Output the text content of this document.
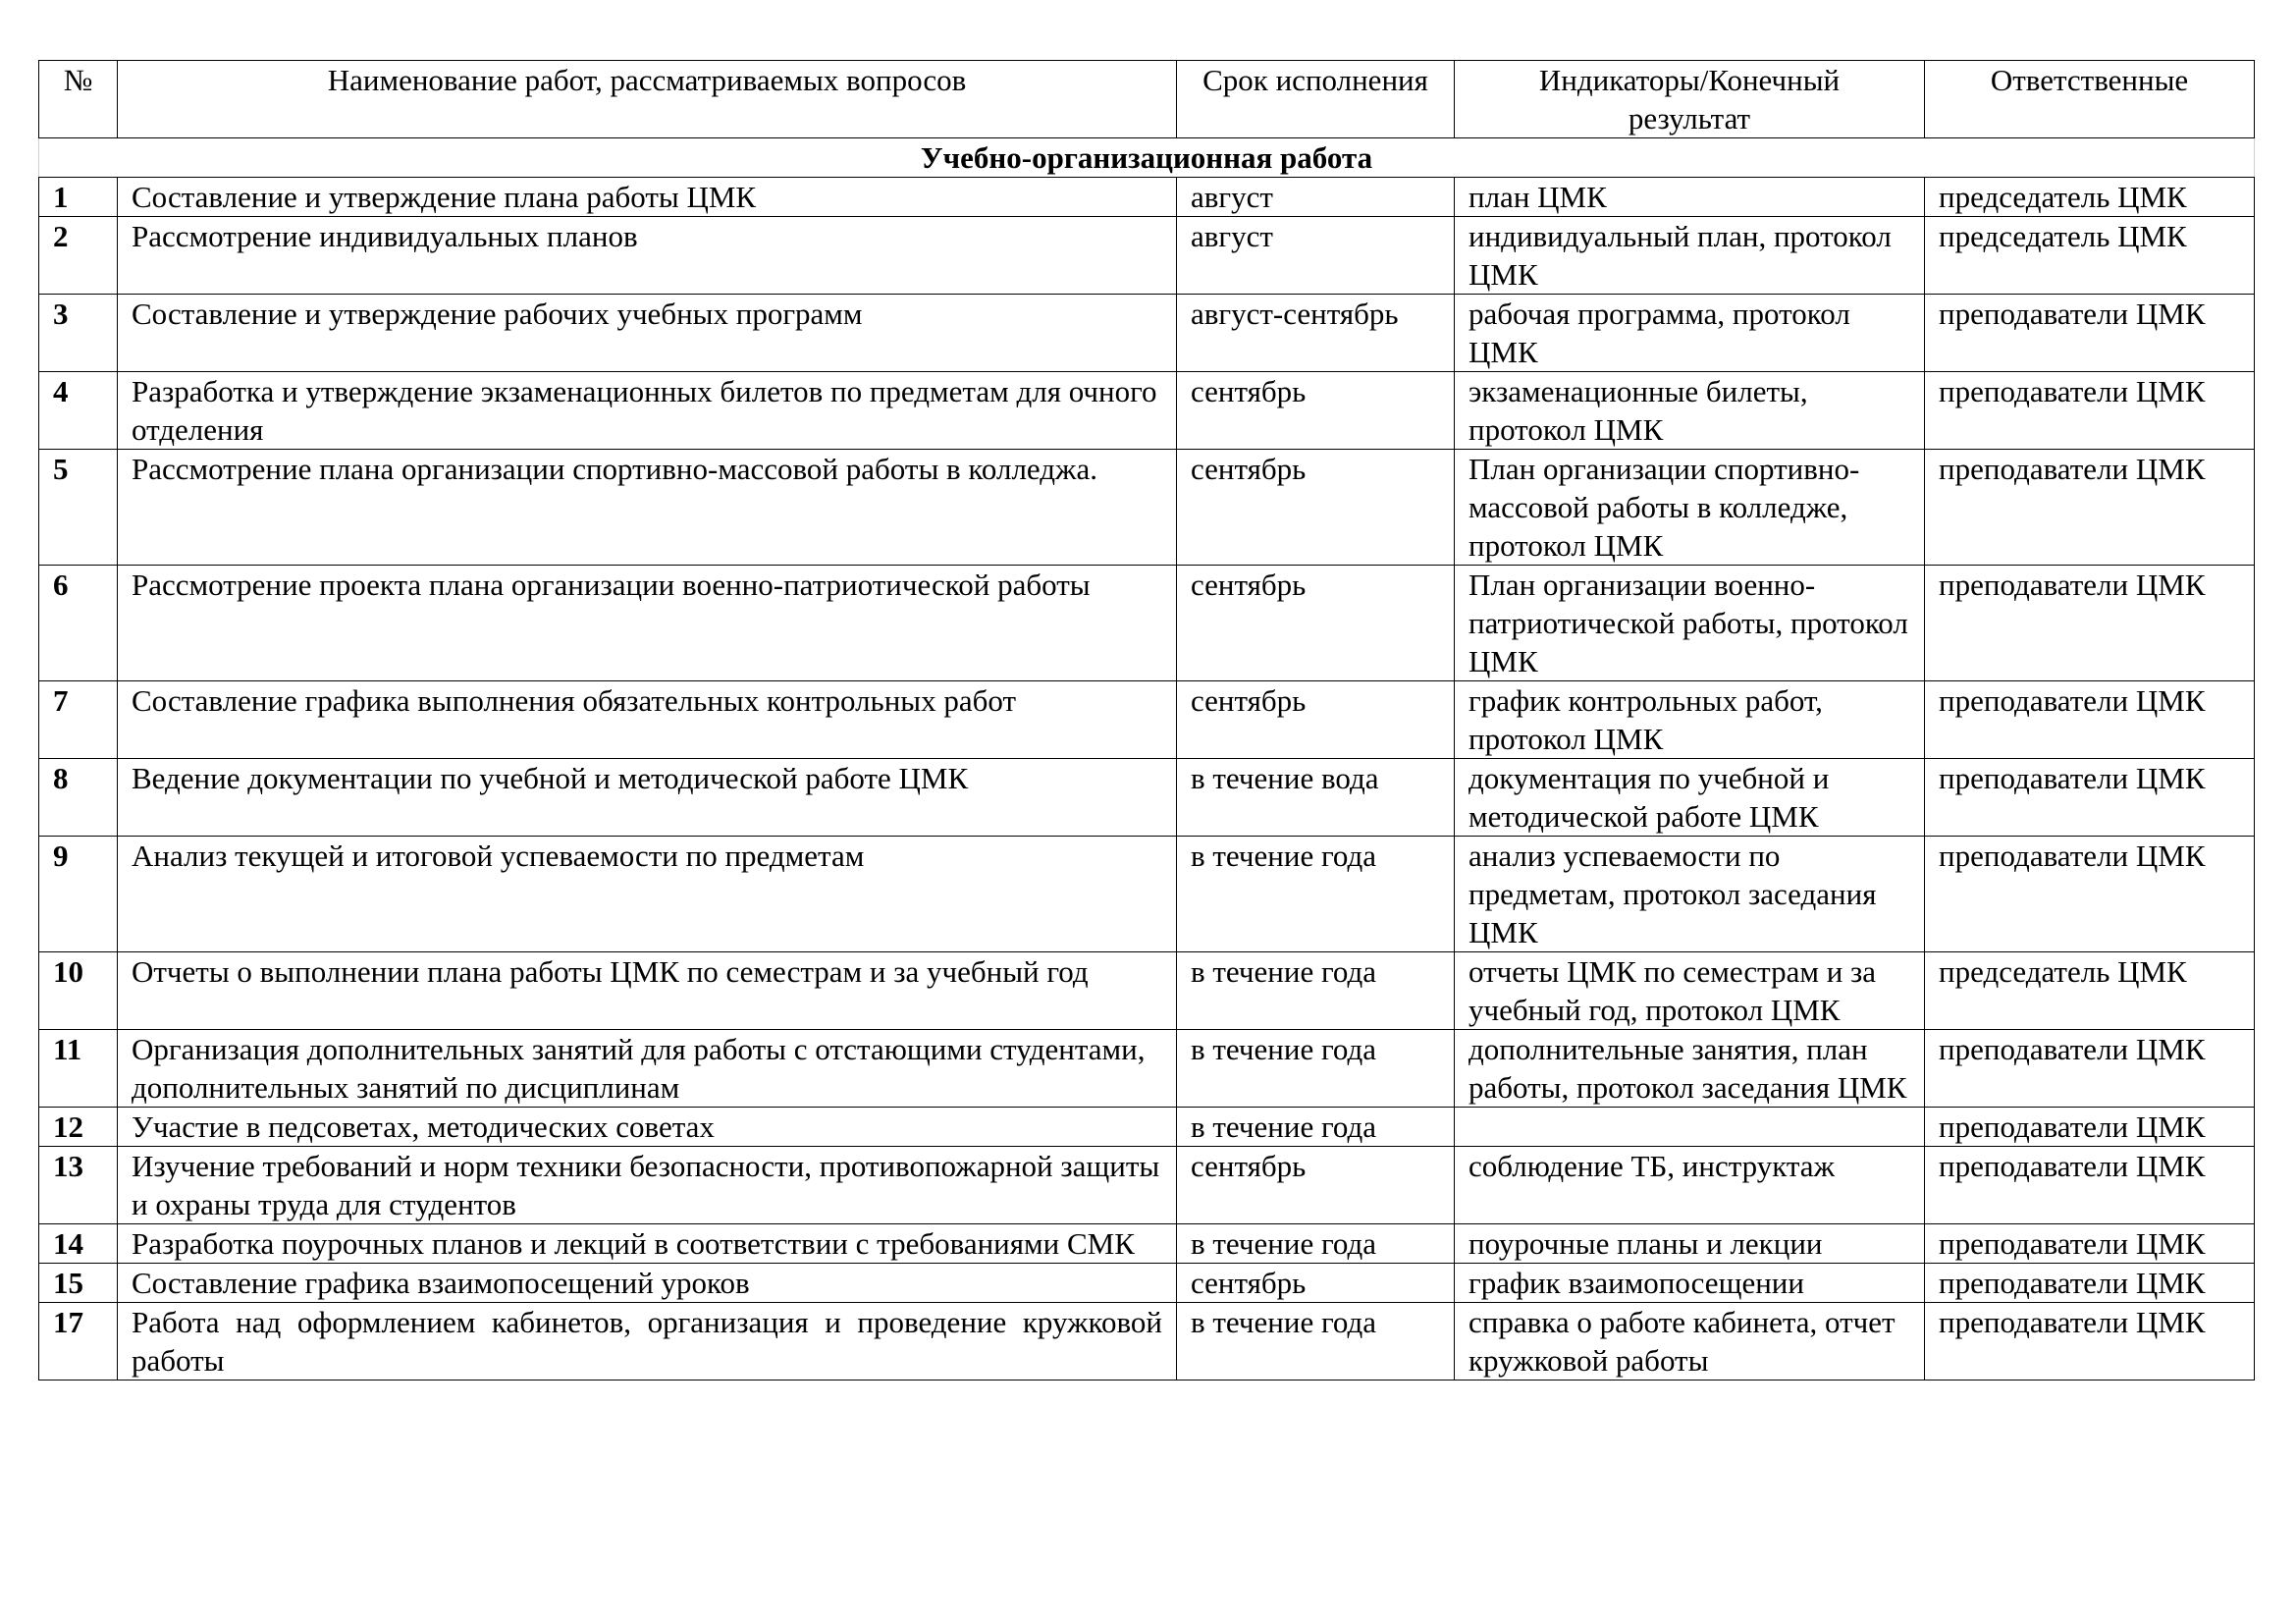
№	Наименование работ, рассматриваемых вопросов	Срок исполнения	Индикаторы/Конечный результат	Ответственные
Учебно-организационная работа				
1	Составление и утверждение плана работы ЦМК	август	план ЦМК	председатель ЦМК
2	Рассмотрение индивидуальных планов	август	индивидуальный план, протокол ЦМК	председатель ЦМК
3	Составление и утверждение рабочих учебных программ	август-сентябрь	рабочая программа, протокол ЦМК	преподаватели ЦМК
4	Разработка и утверждение экзаменационных билетов по предметам для очного отделения	сентябрь	экзаменационные билеты, протокол ЦМК	преподаватели ЦМК
5	Рассмотрение плана организации спортивно-массовой работы в колледжа.	сентябрь	План организации спортивно-массовой работы в колледже, протокол ЦМК	преподаватели ЦМК
6	Рассмотрение проекта плана организации военно-патриотической работы	сентябрь	План организации военно-патриотической работы, протокол ЦМК	преподаватели ЦМК
7	Составление графика выполнения обязательных контрольных работ	сентябрь	график контрольных работ, протокол ЦМК	преподаватели ЦМК
8	Ведение документации по учебной и методической работе ЦМК	в течение вода	документация по учебной и методической работе ЦМК	преподаватели ЦМК
9	Анализ текущей и итоговой успеваемости по предметам	в течение года	анализ успеваемости по предметам, протокол заседания ЦМК	преподаватели ЦМК
10	Отчеты о выполнении плана работы ЦМК по семестрам и за учебный год	в течение года	отчеты ЦМК по семестрам и за учебный год, протокол ЦМК	председатель ЦМК
11	Организация дополнительных занятий для работы с отстающими студентами, дополнительных занятий по дисциплинам	в течение года	дополнительные занятия, план работы, протокол заседания ЦМК	преподаватели ЦМК
12	Участие в педсоветах, методических советах	в течение года		преподаватели ЦМК
13	Изучение требований и норм техники безопасности, противопожарной защиты и охраны труда для студентов	сентябрь	соблюдение ТБ, инструктаж	преподаватели ЦМК
14	Разработка поурочных планов и лекций в соответствии с требованиями СМК	в течение года	поурочные планы и лекции	преподаватели ЦМК
15	Составление графика взаимопосещений уроков	сентябрь	график взаимопосещении	преподаватели ЦМК
17	Работа над оформлением кабинетов, организация и проведение кружковой работы	в течение года	справка о работе кабинета, отчет кружковой работы	преподаватели ЦМК
